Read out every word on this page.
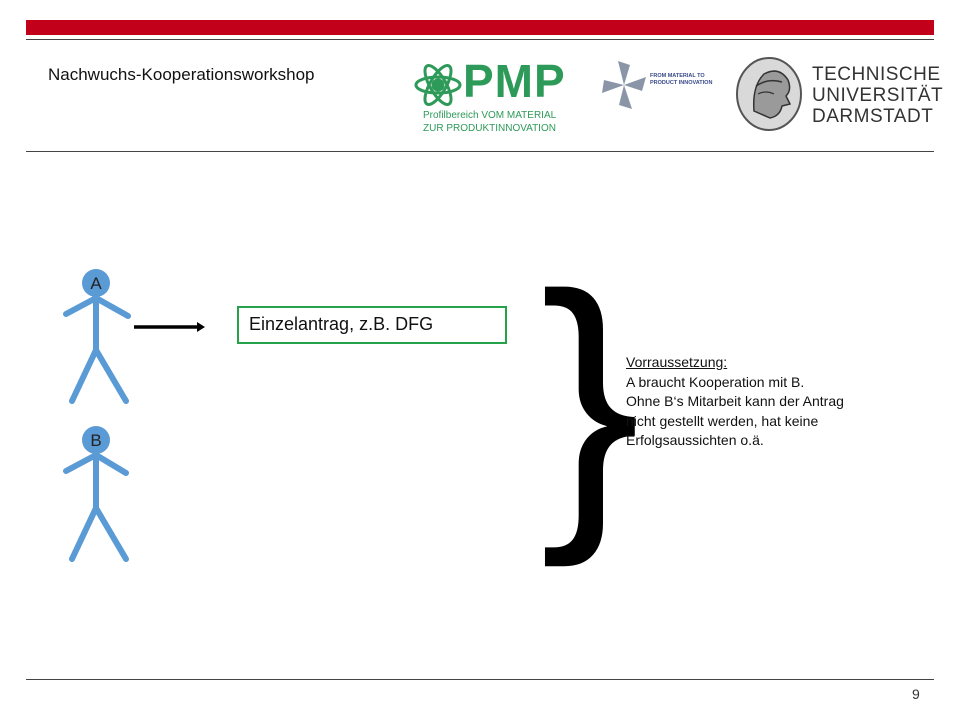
Nachwuchs-Kooperationsworkshop	PMP
Profilbereich VOM MATERIAL
ZUR PRODUKTINNOVATION
FROM MATERIAL TO
PRODUCT INNOVATION	TECHNISCHE
UNIVERSITÄT
DARMSTADT
A
B
Einzelantrag, z.B. DFG }
Vorraussetzung:
A braucht Kooperation mit B.
Ohne B‘s Mitarbeit kann der Antrag
nicht gestellt werden, hat keine
Erfolgsaussichten o.ä.
9
